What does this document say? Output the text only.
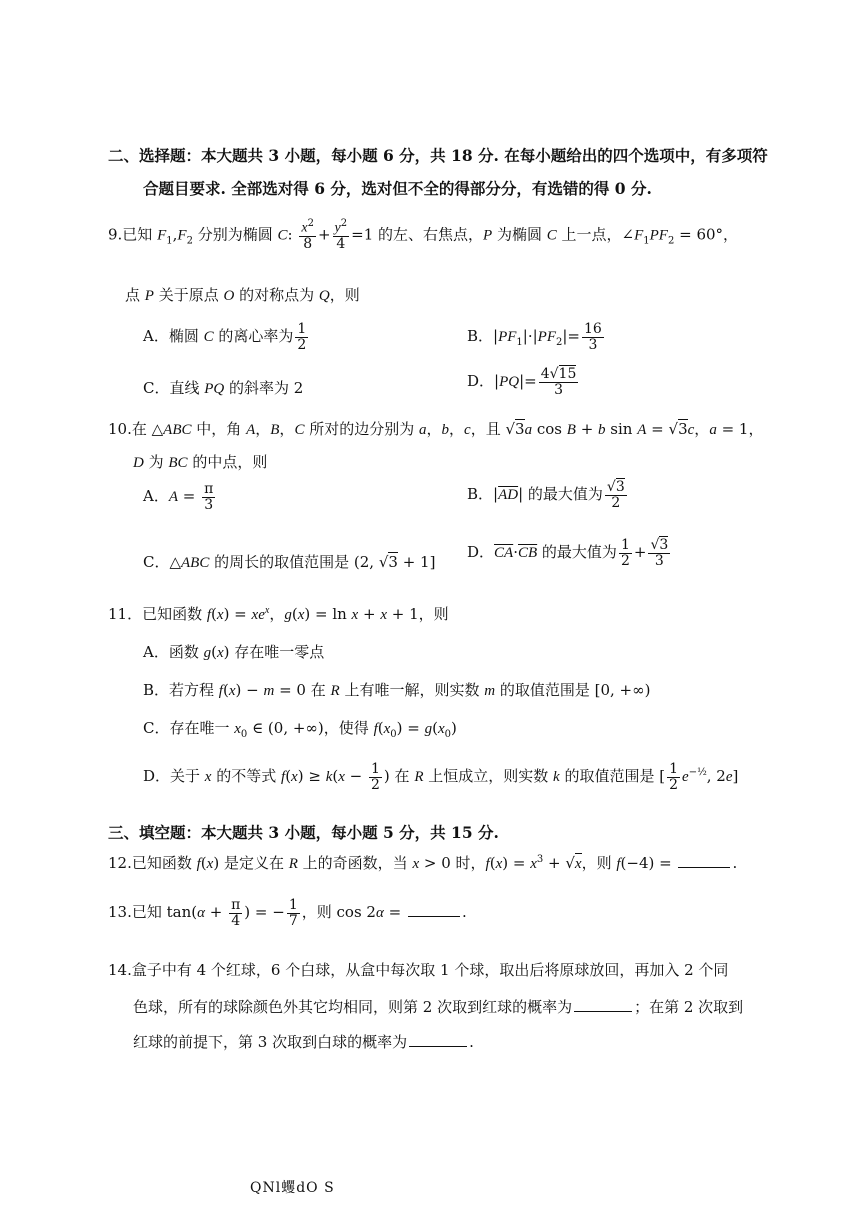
二、选择题：本大题共 3 小题，每小题 6 分，共 18 分. 在每小题给出的四个选项中，有多项符
合题目要求. 全部选对得 6 分，选对但不全的得部分分，有选错的得 0 分.
9.已知 $F_1,F_2$ 分别为椭圆 C: $\frac{x^2}{8} + \frac{y^2}{4} =1$ 的左、右焦点，P 为椭圆 C 上一点，$\angle F_1PF_2 = 60^\circ$，
点 P 关于原点 O 的对称点为 Q，则
A．椭圆 C 的离心率为 $\frac{1}{2}$	B．$|PF_1|\cdot|PF_2|= \frac{16}{3}$
C．直线 PQ 的斜率为 2	D．$|PQ|= \frac{4√15}{3}$
10.在 △ABC 中，角 A，B，C 所对的边分别为 a，b，c，且 √3a cos B + b sin A = √3c，a = 1，
D 为 BC 的中点，则
A．$A = \frac{\pi}{3}$	B．$|\overline{AD}|$ 的最大值为 $\frac{√3}{2}$
C．△ABC 的周长的取值范围是 (2, √3 + 1]
D．$\overline{CA}\cdot\overline{CB}$ 的最大值为 $\frac{1}{2} + \frac{√3}{3}$
11．已知函数 $f(x) = xe^x$，g(x) = ln x + x + 1，则
A．函数 g(x) 存在唯一零点
B．若方程 f(x) − m = 0 在 R 上有唯一解，则实数 m 的取值范围是 [0, +∞)
C．存在唯一 $x_0$ ∈ (0, +∞)，使得 $f(x_0) = g(x_0)$
D．关于 x 的不等式 $f(x) \ge k(x - \frac{1}{2}$ ) 在 R 上恒成立，则实数 k 的取值范围是 [ $\frac{1}{2} e^{-\frac{1}{2}}$, 2e]
三、填空题：本大题共 3 小题，每小题 5 分，共 15 分.
12.已知函数 f(x) 是定义在 R 上的奇函数，当 x > 0 时，$f(x) = x^3 + √x$，则 f(−4) =	.
13.已知 $\tan(\alpha + \frac{\pi}{4}$ ) = − $\frac{1}{7}$ ，则 cos 2α =	.
14.盒子中有 4 个红球，6 个白球，从盒中每次取 1 个球，取出后将原球放回，再加入 2 个同
色球，所有的球除颜色外其它均相同，则第 2 次取到红球的概率为	；在第 2 次取到
红球的前提下，第 3 次取到白球的概率为	.
QNl蠼dO S
